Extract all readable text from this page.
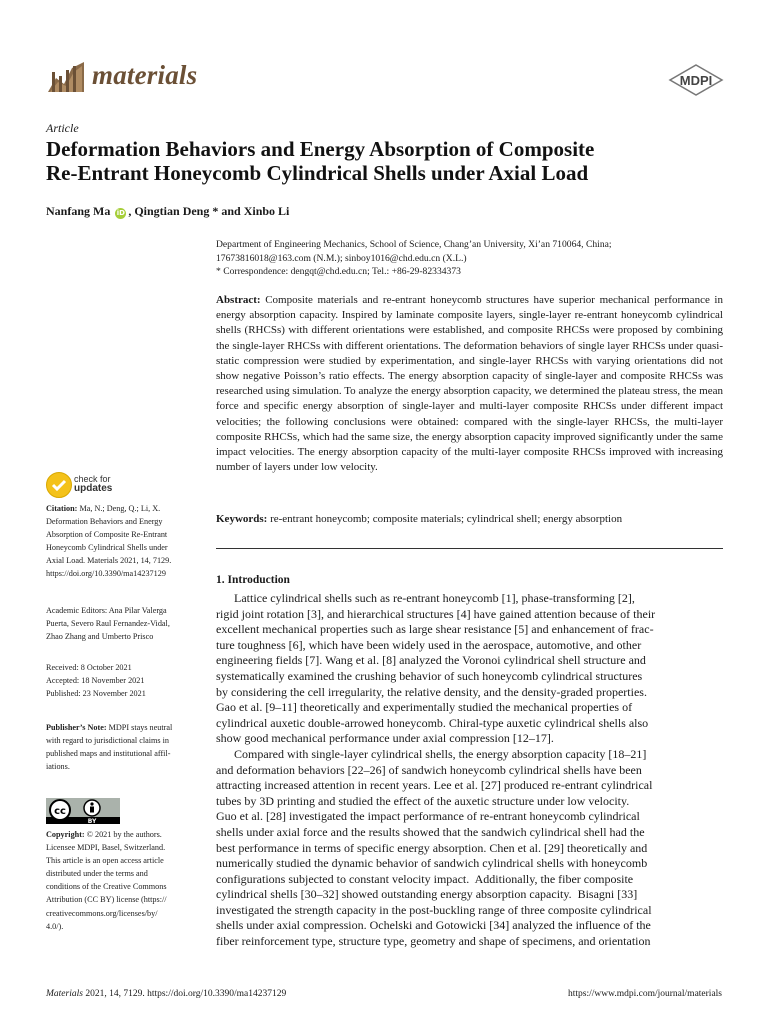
materials	MDPI
Article
Deformation Behaviors and Energy Absorption of Composite
Re-Entrant Honeycomb Cylindrical Shells under Axial Load
Nanfang Ma iD , Qingtian Deng * and Xinbo Li
Department of Engineering Mechanics, School of Science, Chang’an University, Xi’an 710064, China;
17673816018@163.com (N.M.); sinboy1016@chd.edu.cn (X.L.)
* Correspondence: dengqt@chd.edu.cn; Tel.: +86-29-82334373
Abstract: Composite materials and re-entrant honeycomb structures have superior mechanical performance in energy absorption capacity. Inspired by laminate composite layers, single-layer re-entrant honeycomb cylindrical shells (RHCSs) with different orientations were established, and composite RHCSs were proposed by combining the single-layer RHCSs with different orientations. The deformation behaviors of single layer RHCSs under quasi-static compression were studied by experimentation, and single-layer RHCSs with varying orientations did not show negative Poisson’s ratio effects. The energy absorption capacity of single-layer and composite RHCSs was researched using simulation. To analyze the energy absorption capacity, we determined the plateau stress, the mean force and specific energy absorption of single-layer and multi-layer composite RHCSs under different impact velocities; the following conclusions were obtained: compared with the single-layer RHCSs, the multi-layer composite RHCSs, which had the same size, the energy absorption capacity improved significantly under the same impact velocities. The energy absorption capacity of the multi-layer composite RHCSs improved with increasing number of layers under low velocity.
Keywords: re-entrant honeycomb; composite materials; cylindrical shell; energy absorption
check for
updates
Citation: Ma, N.; Deng, Q.; Li, X.
Deformation Behaviors and Energy
Absorption of Composite Re-Entrant
Honeycomb Cylindrical Shells under
Axial Load. Materials 2021, 14, 7129.
https://doi.org/10.3390/ma14237129
Academic Editors: Ana Pilar Valerga
Puerta, Severo Raul Fernandez-Vidal,
Zhao Zhang and Umberto Prisco
Received: 8 October 2021
Accepted: 18 November 2021
Published: 23 November 2021
Publisher’s Note: MDPI stays neutral
with regard to jurisdictional claims in
published maps and institutional affil-
iations.
cc
BY
Copyright: © 2021 by the authors.
Licensee MDPI, Basel, Switzerland.
This article is an open access article
distributed under the terms and
conditions of the Creative Commons
Attribution (CC BY) license (https://
creativecommons.org/licenses/by/
4.0/).
1. Introduction
Lattice cylindrical shells such as re-entrant honeycomb [1], phase-transforming [2],
rigid joint rotation [3], and hierarchical structures [4] have gained attention because of their
excellent mechanical properties such as large shear resistance [5] and enhancement of frac-
ture toughness [6], which have been widely used in the aerospace, automotive, and other
engineering fields [7]. Wang et al. [8] analyzed the Voronoi cylindrical shell structure and
systematically examined the crushing behavior of such honeycomb cylindrical structures
by considering the cell irregularity, the relative density, and the density-graded properties.
Gao et al. [9–11] theoretically and experimentally studied the mechanical properties of
cylindrical auxetic double-arrowed honeycomb. Chiral-type auxetic cylindrical shells also
show good mechanical performance under axial compression [12–17].
Compared with single-layer cylindrical shells, the energy absorption capacity [18–21]
and deformation behaviors [22–26] of sandwich honeycomb cylindrical shells have been
attracting increased attention in recent years. Lee et al. [27] produced re-entrant cylindrical
tubes by 3D printing and studied the effect of the auxetic structure under low velocity.
Guo et al. [28] investigated the impact performance of re-entrant honeycomb cylindrical
shells under axial force and the results showed that the sandwich cylindrical shell had the
best performance in terms of specific energy absorption. Chen et al. [29] theoretically and
numerically studied the dynamic behavior of sandwich cylindrical shells with honeycomb
configurations subjected to constant velocity impact.  Additionally, the fiber composite
cylindrical shells [30–32] showed outstanding energy absorption capacity.  Bisagni [33]
investigated the strength capacity in the post-buckling range of three composite cylindrical
shells under axial compression. Ochelski and Gotowicki [34] analyzed the influence of the
fiber reinforcement type, structure type, geometry and shape of specimens, and orientation
Materials 2021, 14, 7129. https://doi.org/10.3390/ma14237129	https://www.mdpi.com/journal/materials
